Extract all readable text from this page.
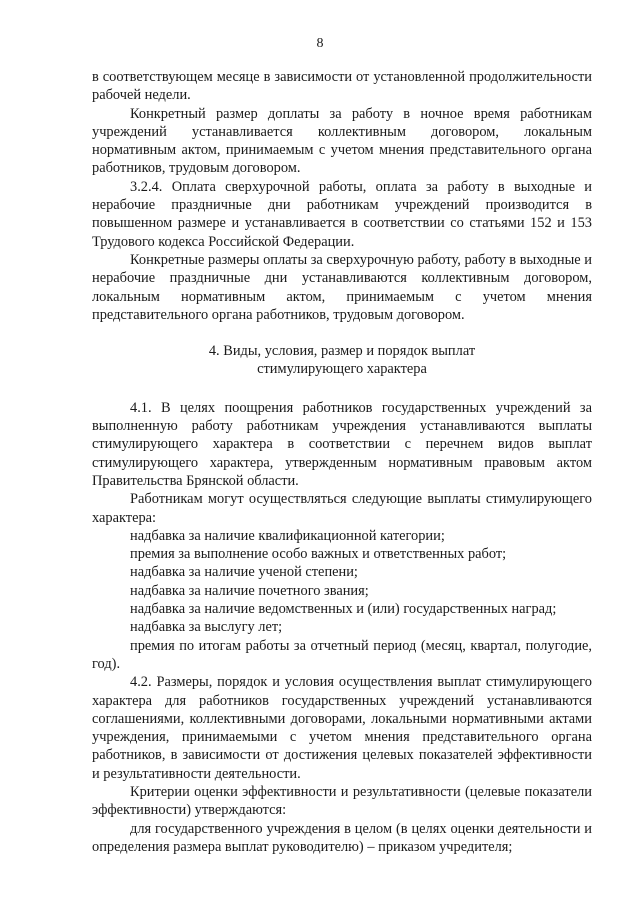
8

в соответствующем месяце в зависимости от установленной продолжительности рабочей недели.

Конкретный размер доплаты за работу в ночное время работникам учреждений устанавливается коллективным договором, локальным нормативным актом, принимаемым с учетом мнения представительного органа работников, трудовым договором.

3.2.4. Оплата сверхурочной работы, оплата за работу в выходные и нерабочие праздничные дни работникам учреждений производится в повышенном размере и устанавливается в соответствии со статьями 152 и 153 Трудового кодекса Российской Федерации.

Конкретные размеры оплаты за сверхурочную работу, работу в выходные и нерабочие праздничные дни устанавливаются коллективным договором, локальным нормативным актом, принимаемым с учетом мнения представительного органа работников, трудовым договором.

4. Виды, условия, размер и порядок выплат
стимулирующего характера

4.1. В целях поощрения работников государственных учреждений за выполненную работу работникам учреждения устанавливаются выплаты стимулирующего характера в соответствии с перечнем видов выплат стимулирующего характера, утвержденным нормативным правовым актом Правительства Брянской области.

Работникам могут осуществляться следующие выплаты стимулирующего характера:

надбавка за наличие квалификационной категории;

премия за выполнение особо важных и ответственных работ;

надбавка за наличие ученой степени;

надбавка за наличие почетного звания;

надбавка за наличие ведомственных и (или) государственных наград;

надбавка за выслугу лет;

премия по итогам работы за отчетный период (месяц, квартал, полугодие, год).

4.2. Размеры, порядок и условия осуществления выплат стимулирующего характера для работников государственных учреждений устанавливаются соглашениями, коллективными договорами, локальными нормативными актами учреждения, принимаемыми с учетом мнения представительного органа работников, в зависимости от достижения целевых показателей эффективности и результативности деятельности.

Критерии оценки эффективности и результативности (целевые показатели эффективности) утверждаются:

для государственного учреждения в целом (в целях оценки деятельности и определения размера выплат руководителю) – приказом учредителя;
